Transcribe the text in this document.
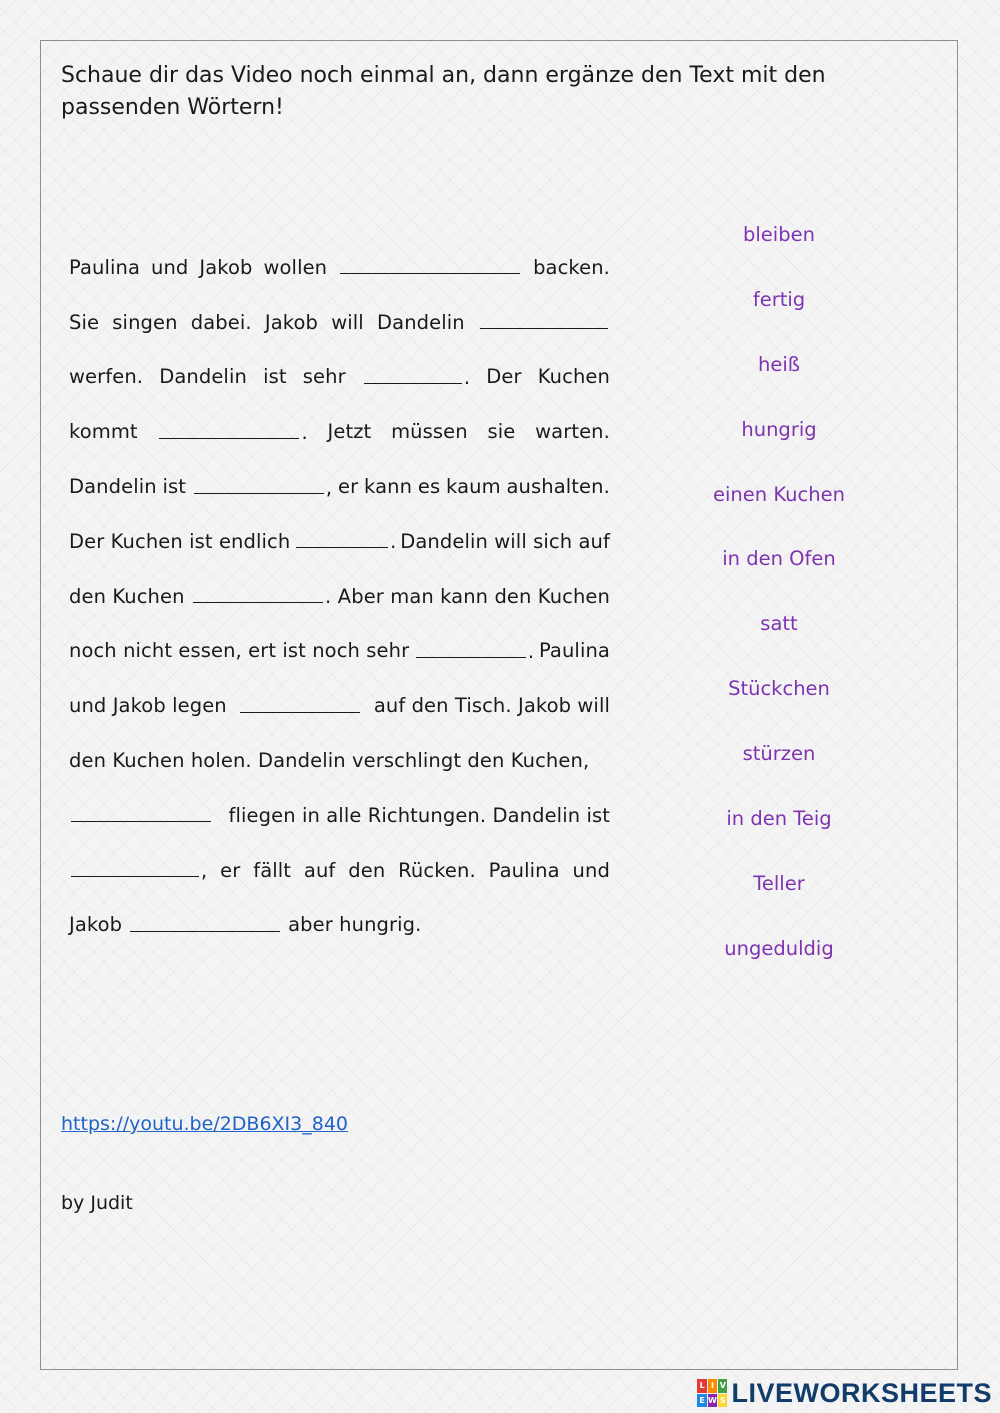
Schaue dir das Video noch einmal an, dann ergänze den Text mit den passenden Wörtern!

Paulina und Jakob wollen	backen.
Sie singen dabei. Jakob will Dandelin
werfen. Dandelin ist sehr	. Der Kuchen
kommt	. Jetzt müssen sie warten.
Dandelin ist	, er kann es kaum aushalten.
Der Kuchen ist endlich	. Dandelin will sich auf
den Kuchen	. Aber man kann den Kuchen
noch nicht essen, ert ist noch sehr	. Paulina
und Jakob legen	auf den Tisch. Jakob will
den Kuchen holen. Dandelin verschlingt den Kuchen,
fliegen in alle Richtungen. Dandelin ist
, er fällt auf den Rücken. Paulina und
Jakob	aber hungrig.
bleiben
fertig
heiß
hungrig
einen Kuchen
in den Ofen
satt
Stückchen
stürzen
in den Teig
Teller
ungeduldig
https://youtu.be/2DB6XI3_840
by Judit
L I V
E W S LIVEWORKSHEETS
